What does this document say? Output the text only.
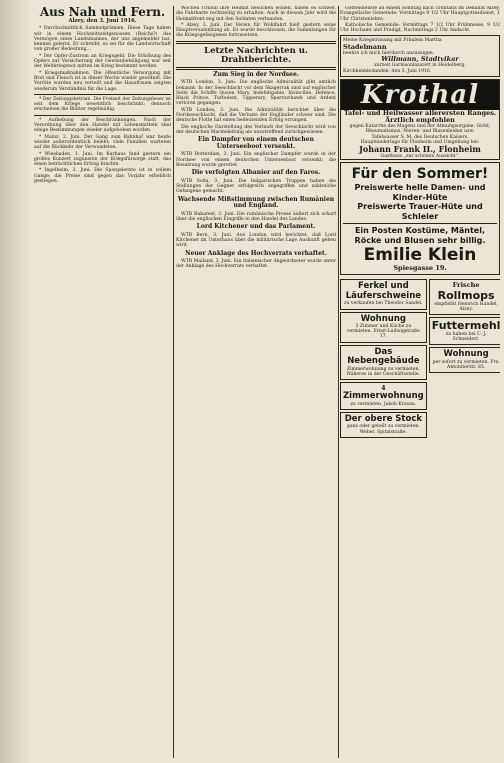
Aus Nah und Fern.
Alzey, den 3. Juni 1916.

* Durchschnittlich Sammelprämien. Diese Tage haben wir in einem Hochzeitszeitgenossen (Reichs?) das Vermögen eines Landsmannes, der uns angemeldet hat, kennen gelernt. Er schreibt, es sei für die Landwirtschaft von großer Bedeutung...

* Der Opfer-Zustrom an Kriegsgeld. Die Erhöhung des Opfers zur Versicherung der Gewinnbeteiligung war seit der Weltkriegsnot mitten im Krieg bestimmt worden.

* Kriegsmaßnahmen. Die öffentliche Versorgung mit Brot und Fleisch ist in dieser Woche wieder geordnet. Die Vorräte wurden neu verteilt und die Hausfrauen zeigten wiederum Verständnis für die Lage.

* Der Zeitungsbetrieb. Die Freizeit der Zeitungsleser ist seit dem Kriege wesentlich beschränkt; dennoch erscheinen die Blätter regelmäßig.

* Aufhebung der Beschränkungen. Nach der Verordnung über den Handel mit Lebensmitteln sind einige Bestimmungen wieder aufgehoben worden.

* Mainz, 2. Juni. Der Gang zum Bahnhof war heute wieder außerordentlich belebt; viele Familien warteten auf die Rückkehr der Verwundeten.

* Wiesbaden, 1. Juni. Im Kurhaus fand gestern ein großes Konzert zugunsten der Kriegsfürsorge statt, das einen beträchtlichen Ertrag brachte.

* Ingelheim, 2. Juni. Die Spargelernte ist in vollem Gange; die Preise sind gegen das Vorjahr erheblich gestiegen.

Wochen Urlaub ihre Heimat besuchen wollen, haben es schwer, die Fahrkarte rechtzeitig zu erhalten. Auch in diesem Jahr wird die Heimatfront eng mit den Soldaten verbunden.

* Alzey, 3. Juni. Der Verein für Wohlfahrt hielt gestern seine Hauptversammlung ab. Es wurde beschlossen, die Sammlungen für die Kriegsgefangenen fortzusetzen.

Letzte Nachrichten u. Drahtberichte.
Zum Sieg in der Nordsee.

WTB London, 3. Juni. Die englische Admiralität gibt amtlich bekannt: In der Seeschlacht vor dem Skagerrak sind auf englischer Seite die Schiffe Queen Mary, Indefatigable, Invincible, Defence, Black Prince, Turbulent, Tipperary, Sparrowhawk und Ardent verloren gegangen.

WTB London, 3. Juni. Die Admiralität berichtet über die Nordseeschlacht, daß die Verluste der Engländer schwer sind. Die deutsche Flotte hat einen bedeutenden Erfolg errungen.

Die englische Darstellung des Verlaufs der Seeschlacht wird von der deutschen Marineleitung als unzutreffend zurückgewiesen.

Ein Dampfer von einem deutschen Unterseeboot versenkt.

WTB Rotterdam, 3. Juni. Ein englischer Dampfer wurde in der Nordsee von einem deutschen Unterseeboot versenkt; die Besatzung wurde gerettet.

Die verfolgten Albanier auf den Faros.

WTB Sofia, 3. Juni. Die bulgarischen Truppen haben die Stellungen der Gegner erfolgreich angegriffen und zahlreiche Gefangene gemacht.

Wachsende Mißstimmung zwischen Rumänien und England.

WTB Bukarest, 3. Juni. Die rumänische Presse äußert sich scharf über die englischen Eingriffe in den Handel des Landes.

Lord Kitchener und das Parlament.

WTB Bern, 3. Juni. Aus London wird berichtet, daß Lord Kitchener im Unterhaus über die militärische Lage Auskunft geben wird.

Neuer Anklage des Hochverrats verhaftet.

WTB Mailand, 3. Juni. Ein italienischer Abgeordneter wurde unter der Anklage des Hochverrats verhaftet.

Gottesdienste an einem Sonntag nach Trinitatis im Dekanat Alzey. Evangelische Gemeinde: Vormittags 9 1/2 Uhr Hauptgottesdienst, 1 Uhr Christenlehre.

Katholische Gemeinde: Vormittags 7 1/2 Uhr Frühmesse, 9 1/2 Uhr Hochamt und Predigt, Nachmittags 2 Uhr Andacht.

Meine Kriegstrauung mit Fräulein Martha
Stadelmann
beehre ich mich hierdurch anzuzeigen.
Willmann, Stadtvikar
zurzeit Garnisonlazarett in Heidelberg.
Kirchheimbolanden, den 3. Juni 1916.
Krothal
Tafel- und Heilwasser allerersten Ranges.
Ärztlich empfohlen
gegen Katarrhe des Magens und der Atmungsorgane, Gicht, Rheumatismus, Nieren- und Blasenleiden usw.
Tafelwasser S. M. des Deutschen Kaisers.
Hauptniederlage für Flonheim und Umgebung bei:
Johann Frank II., Flonheim
Gasthaus „zur schönen Aussicht“.
Für den Sommer!
Preiswerte helle Damen- und
Kinder-Hüte
Preiswerte Trauer-Hüte und
Schleier
Ein Posten Kostüme, Mäntel,
Röcke und Blusen sehr billig.
Emilie Klein
Spiesgasse 19.
Ferkel und Läuferschweine
zu verkaufen bei Theodor Sandel.
Wohnung
3 Zimmer und Küche zu vermieten. Ernst-Ludwigstraße 17.
Das Nebengebäude
Zimmerwohnung zu vermieten. Näheres in der Geschäftsstelle.
4
Zimmerwohnung
zu vermieten. Jakob Krausa.
Der obere Stock
ganz oder geteilt zu vermieten. Weber, Spitalstraße.
Frische
Rollmops
empfiehlt Heinrich Handel, Alzey.
Futtermehl
zu haben bei C. J. Schneidert.
Wohnung
per sofort zu vermieten. Frz. Antoniterstr. 85.
